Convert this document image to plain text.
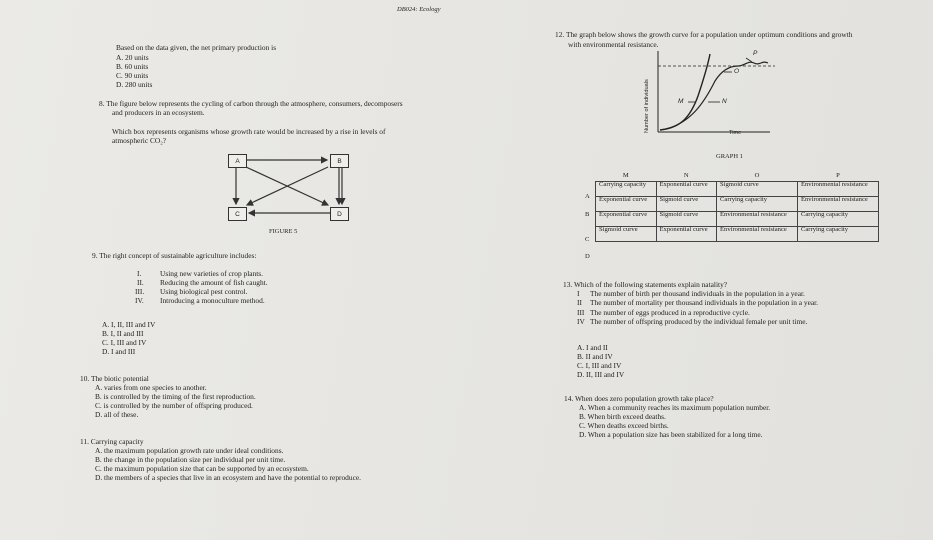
DB024: Ecology
Based on the data given, the net primary production is
A. 20 units
B. 60 units
C. 90 units
D. 280 units
8. The figure below represents the cycling of carbon through the atmosphere, consumers, decomposers
and producers in an ecosystem.
Which box represents organisms whose growth rate would be increased by a rise in levels of
atmospheric CO₂?
A	B
C	D
FIGURE 5
9. The right concept of sustainable agriculture includes:
I.	Using new varieties of crop plants.
II. Reducing the amount of fish caught.
III. Using biological pest control.
IV. Introducing a monoculture method.
A. I, II, III and IV
B. I, II and III
C. I, III and IV
D. I and III
10. The biotic potential
A. varies from one species to another.
B. is controlled by the timing of the first reproduction.
C. is controlled by the number of offspring produced.
D. all of these.
11. Carrying capacity
A. the maximum population growth rate under ideal conditions.
B. the change in the population size per individual per unit time.
C. the maximum population size that can be supported by an ecosystem.
D. the members of a species that live in an ecosystem and have the potential to reproduce.
12. The graph below shows the growth curve for a population under optimum conditions and growth
with environmental resistance.
Number of individuals	M	N
O
P
Time
GRAPH 1
A
B
C
D
M	N	O	P
Carrying capacity	Exponential curve	Sigmoid curve	Environmental resistance
Exponential curve	Sigmoid curve	Carrying capacity	Environmental resistance
Exponential curve	Sigmoid curve	Environmental resistance	Carrying capacity
Sigmoid curve	Exponential curve	Environmental resistance	Carrying capacity
13. Which of the following statements explain natality?
I The number of birth per thousand individuals in the population in a year.
II The number of mortality per thousand individuals in the population in a year.
III The number of eggs produced in a reproductive cycle.
IV The number of offspring produced by the individual female per unit time.
A. I and II
B. II and IV
C. I, III and IV
D. II, III and IV
14. When does zero population growth take place?
A. When a community reaches its maximum population number.
B. When birth exceed deaths.
C. When deaths exceed births.
D. When a population size has been stabilized for a long time.
